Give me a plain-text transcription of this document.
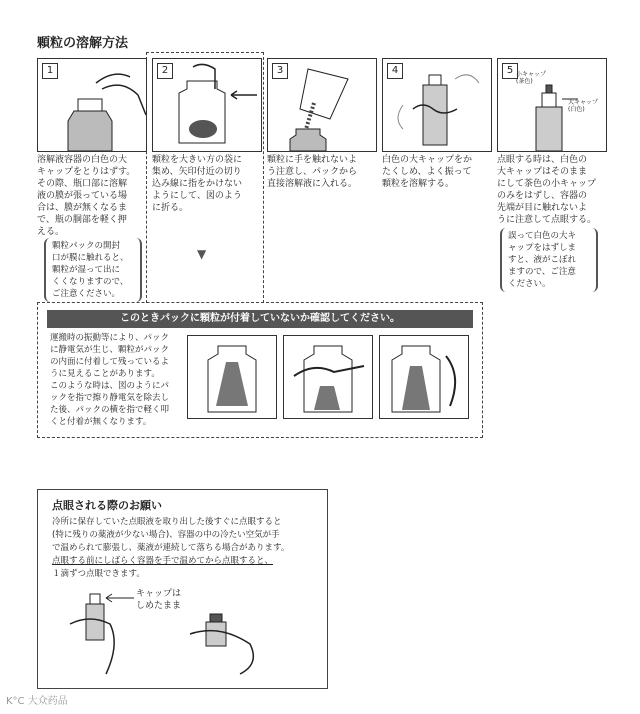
顆粒の溶解方法
1
溶解液容器の白色の大
キャップをとりはずす。
その際、瓶口部に溶解
液の膜が張っている場
合は、膜が無くなるま
で、瓶の胴部を軽く押
える。
顆粒パックの開封
口が膜に触れると、
顆粒が湿って出に
くくなりますので、
ご注意ください。
2
顆粒を大きい方の袋に
集め、矢印付近の切り
込み線に指をかけない
ようにして、図のよう
に折る。
▼
3
顆粒に手を触れないよ
う注意し、パックから
直接溶解液に入れる。
4
白色の大キャップをか
たくしめ、よく振って
顆粒を溶解する。
5 小キャップ
(茶色)
大キャップ
(白色)
点眼する時は、白色の
大キャップはそのまま
にして茶色の小キャップ
のみをはずし、容器の
先端が目に触れないよ
うに注意して点眼する。
誤って白色の大キ
ャップをはずしま
すと、液がこぼれ
ますので、ご注意
ください。
このときパックに顆粒が付着していないか確認してください。
運搬時の振動等により、パック
に静電気が生じ、顆粒がパック
の内面に付着して残っているよ
うに見えることがあります。
このような時は、図のようにパ
ックを指で擦り静電気を除去し
た後、パックの横を指で軽く叩
くと付着が無くなります。
点眼される際のお願い
冷所に保存していた点眼液を取り出した後すぐに点眼すると
(特に残りの薬液が少ない場合)、容器の中の冷たい空気が手
で温められて膨張し、薬液が連続して落ちる場合があります。
点眼する前にしばらく容器を手で温めてから点眼すると、
１滴ずつ点眼できます。
キャップは
しめたまま
K°C 大众药品
